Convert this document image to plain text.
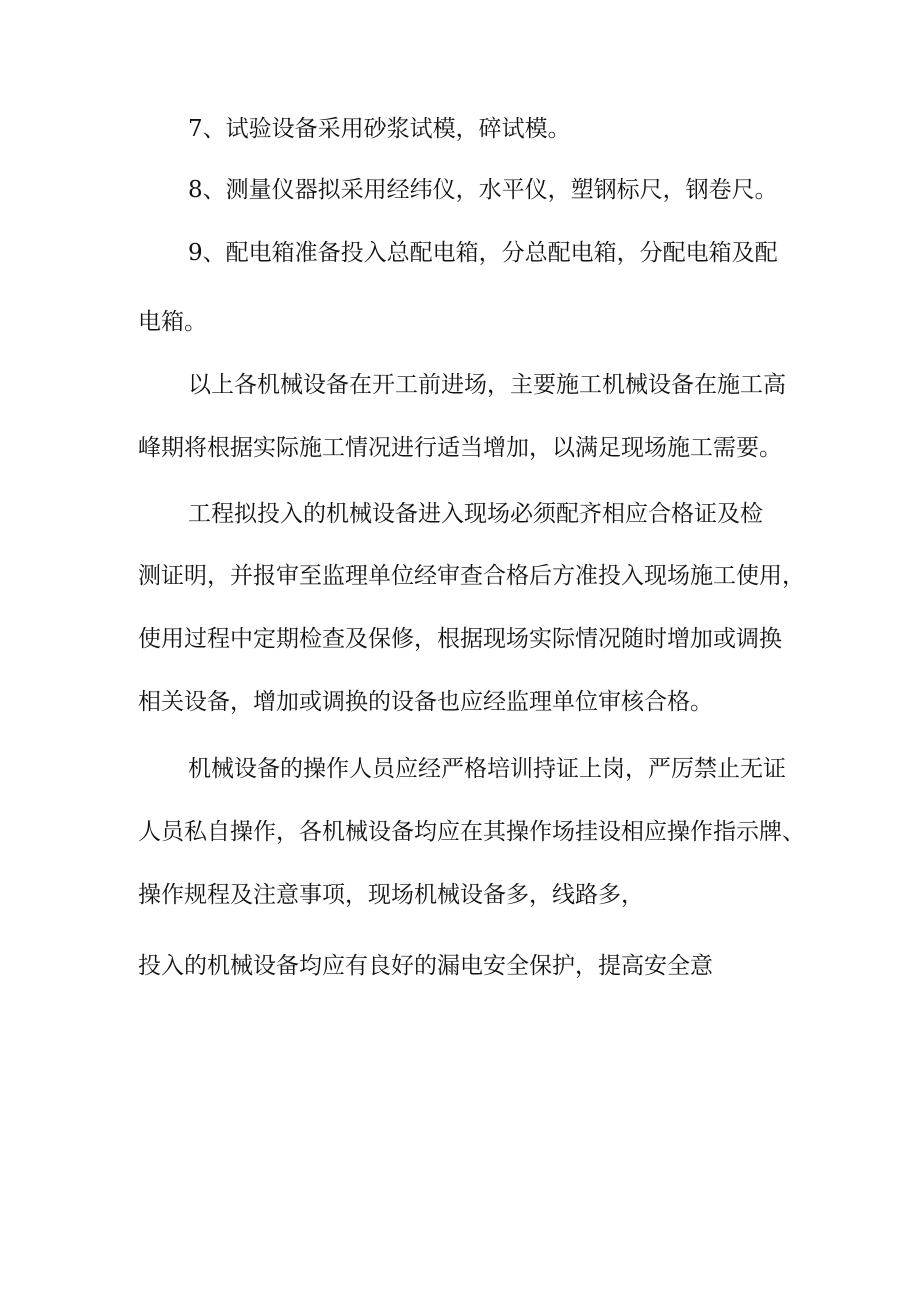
7、试验设备采用砂浆试模，碎试模。

8、测量仪器拟采用经纬仪，水平仪，塑钢标尺，钢卷尺。

9、配电箱准备投入总配电箱，分总配电箱，分配电箱及配

电箱。

以上各机械设备在开工前进场，主要施工机械设备在施工高

峰期将根据实际施工情况进行适当增加，以满足现场施工需要。

工程拟投入的机械设备进入现场必须配齐相应合格证及检

测证明，并报审至监理单位经审查合格后方准投入现场施工使用，

使用过程中定期检查及保修，根据现场实际情况随时增加或调换

相关设备，增加或调换的设备也应经监理单位审核合格。

机械设备的操作人员应经严格培训持证上岗，严厉禁止无证

人员私自操作，各机械设备均应在其操作场挂设相应操作指示牌、

操作规程及注意事项，现场机械设备多，线路多，

投入的机械设备均应有良好的漏电安全保护，提高安全意
